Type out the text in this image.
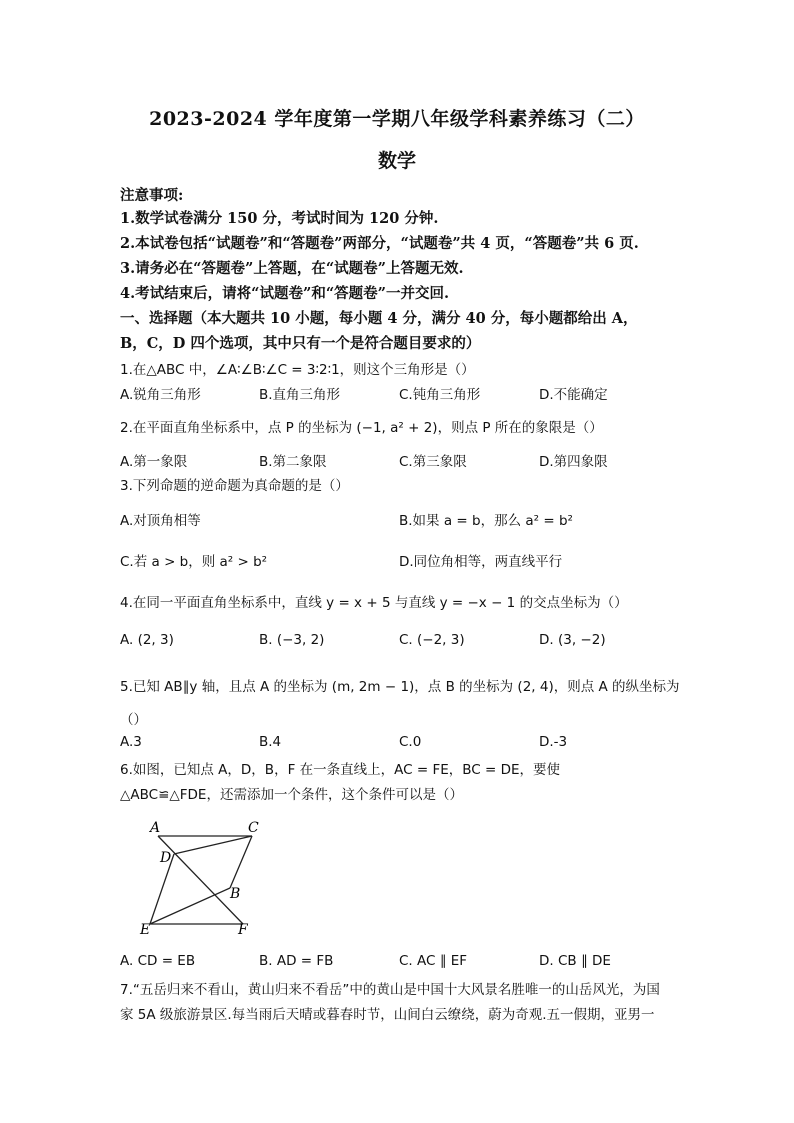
2023-2024 学年度第一学期八年级学科素养练习（二）
数学
注意事项:
1.数学试卷满分 150 分，考试时间为 120 分钟.
2.本试卷包括“试题卷”和“答题卷”两部分，“试题卷”共 4 页，“答题卷”共 6 页.
3.请务必在“答题卷”上答题，在“试题卷”上答题无效.
4.考试结束后，请将“试题卷”和“答题卷”一并交回.
一、选择题（本大题共 10 小题，每小题 4 分，满分 40 分，每小题都给出 A，
B，C，D 四个选项，其中只有一个是符合题目要求的）
1.在△ABC 中，∠A∶∠B∶∠C = 3∶2∶1，则这个三角形是（）
A.锐角三角形	B.直角三角形	C.钝角三角形	D.不能确定
2.在平面直角坐标系中，点 P 的坐标为 (−1, a² + 2)，则点 P 所在的象限是（）
A.第一象限	B.第二象限	C.第三象限	D.第四象限
3.下列命题的逆命题为真命题的是（）
A.对顶角相等	B.如果 a = b，那么 a² = b²
C.若 a > b，则 a² > b²	D.同位角相等，两直线平行
4.在同一平面直角坐标系中，直线 y = x + 5 与直线 y = −x − 1 的交点坐标为（）
A. (2, 3)	B. (−3, 2)	C. (−2, 3)	D. (3, −2)
5.已知 AB∥y 轴，且点 A 的坐标为 (m, 2m − 1)，点 B 的坐标为 (2, 4)，则点 A 的纵坐标为
（）
A.3	B.4	C.0	D.-3
6.如图，已知点 A，D，B，F 在一条直线上，AC = FE，BC = DE，要使
△ABC≌△FDE，还需添加一个条件，这个条件可以是（）
A	C
D
B
E	F
A. CD = EB	B. AD = FB	C. AC ∥ EF	D. CB ∥ DE
7.“五岳归来不看山，黄山归来不看岳”中的黄山是中国十大风景名胜唯一的山岳风光，为国
家 5A 级旅游景区.每当雨后天晴或暮春时节，山间白云缭绕，蔚为奇观.五一假期，亚男一
